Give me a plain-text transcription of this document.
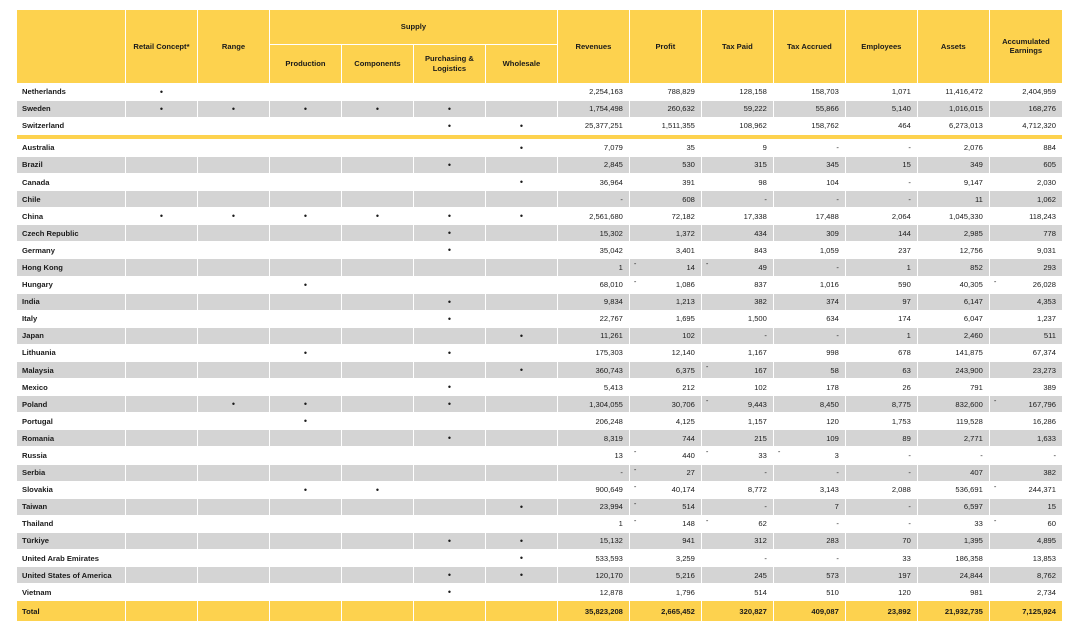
	Retail Concept*	Range	Supply				Revenues	Profit	Tax Paid	Tax Accrued	Employees	Assets	Accumulated Earnings
			Production	Components	Purchasing & Logistics	Wholesale							
Netherlands	•						2,254,163	788,829	128,158	158,703	1,071	11,416,472	2,404,959
Sweden	•	•	•	•	•		1,754,498	260,632	59,222	55,866	5,140	1,016,015	168,276
Switzerland					•	•	25,377,251	1,511,355	108,962	158,762	464	6,273,013	4,712,320

Australia						•	7,079	35	9	-	-	2,076	884
Brazil					•		2,845	530	315	345	15	349	605
Canada						•	36,964	391	98	104	-	9,147	2,030
Chile							-	608	-	-	-	11	1,062
China	•	•	•	•	•	•	2,561,680	72,182	17,338	17,488	2,064	1,045,330	118,243
Czech Republic					•		15,302	1,372	434	309	144	2,985	778
Germany					•		35,042	3,401	843	1,059	237	12,756	9,031
Hong Kong							1	- 14	- 49	-	1	852	293
Hungary			•				68,010	- 1,086	837	1,016	590	40,305	- 26,028
India					•		9,834	1,213	382	374	97	6,147	4,353
Italy					•		22,767	1,695	1,500	634	174	6,047	1,237
Japan						•	11,261	102	-	-	1	2,460	511
Lithuania			•		•		175,303	12,140	1,167	998	678	141,875	67,374
Malaysia						•	360,743	6,375	- 167	58	63	243,900	23,273
Mexico					•		5,413	212	102	178	26	791	389
Poland		•	•		•		1,304,055	30,706	- 9,443	8,450	8,775	832,600	- 167,796
Portugal			•				206,248	4,125	1,157	120	1,753	119,528	16,286
Romania					•		8,319	744	215	109	89	2,771	1,633
Russia							13	- 440	- 33	- 3	-	-	-
Serbia							-	- 27	-	-	-	407	382
Slovakia			•	•			900,649	- 40,174	8,772	3,143	2,088	536,691	- 244,371
Taiwan						•	23,994	- 514	-	7	-	6,597	15
Thailand							1	- 148	- 62	-	-	33	- 60
Türkiye					•	•	15,132	941	312	283	70	1,395	4,895
United Arab Emirates						•	533,593	3,259	-	-	33	186,358	13,853
United States of America					•	•	120,170	5,216	245	573	197	24,844	8,762
Vietnam					•		12,878	1,796	514	510	120	981	2,734
Total							35,823,208	2,665,452	320,827	409,087	23,892	21,932,735	7,125,924
